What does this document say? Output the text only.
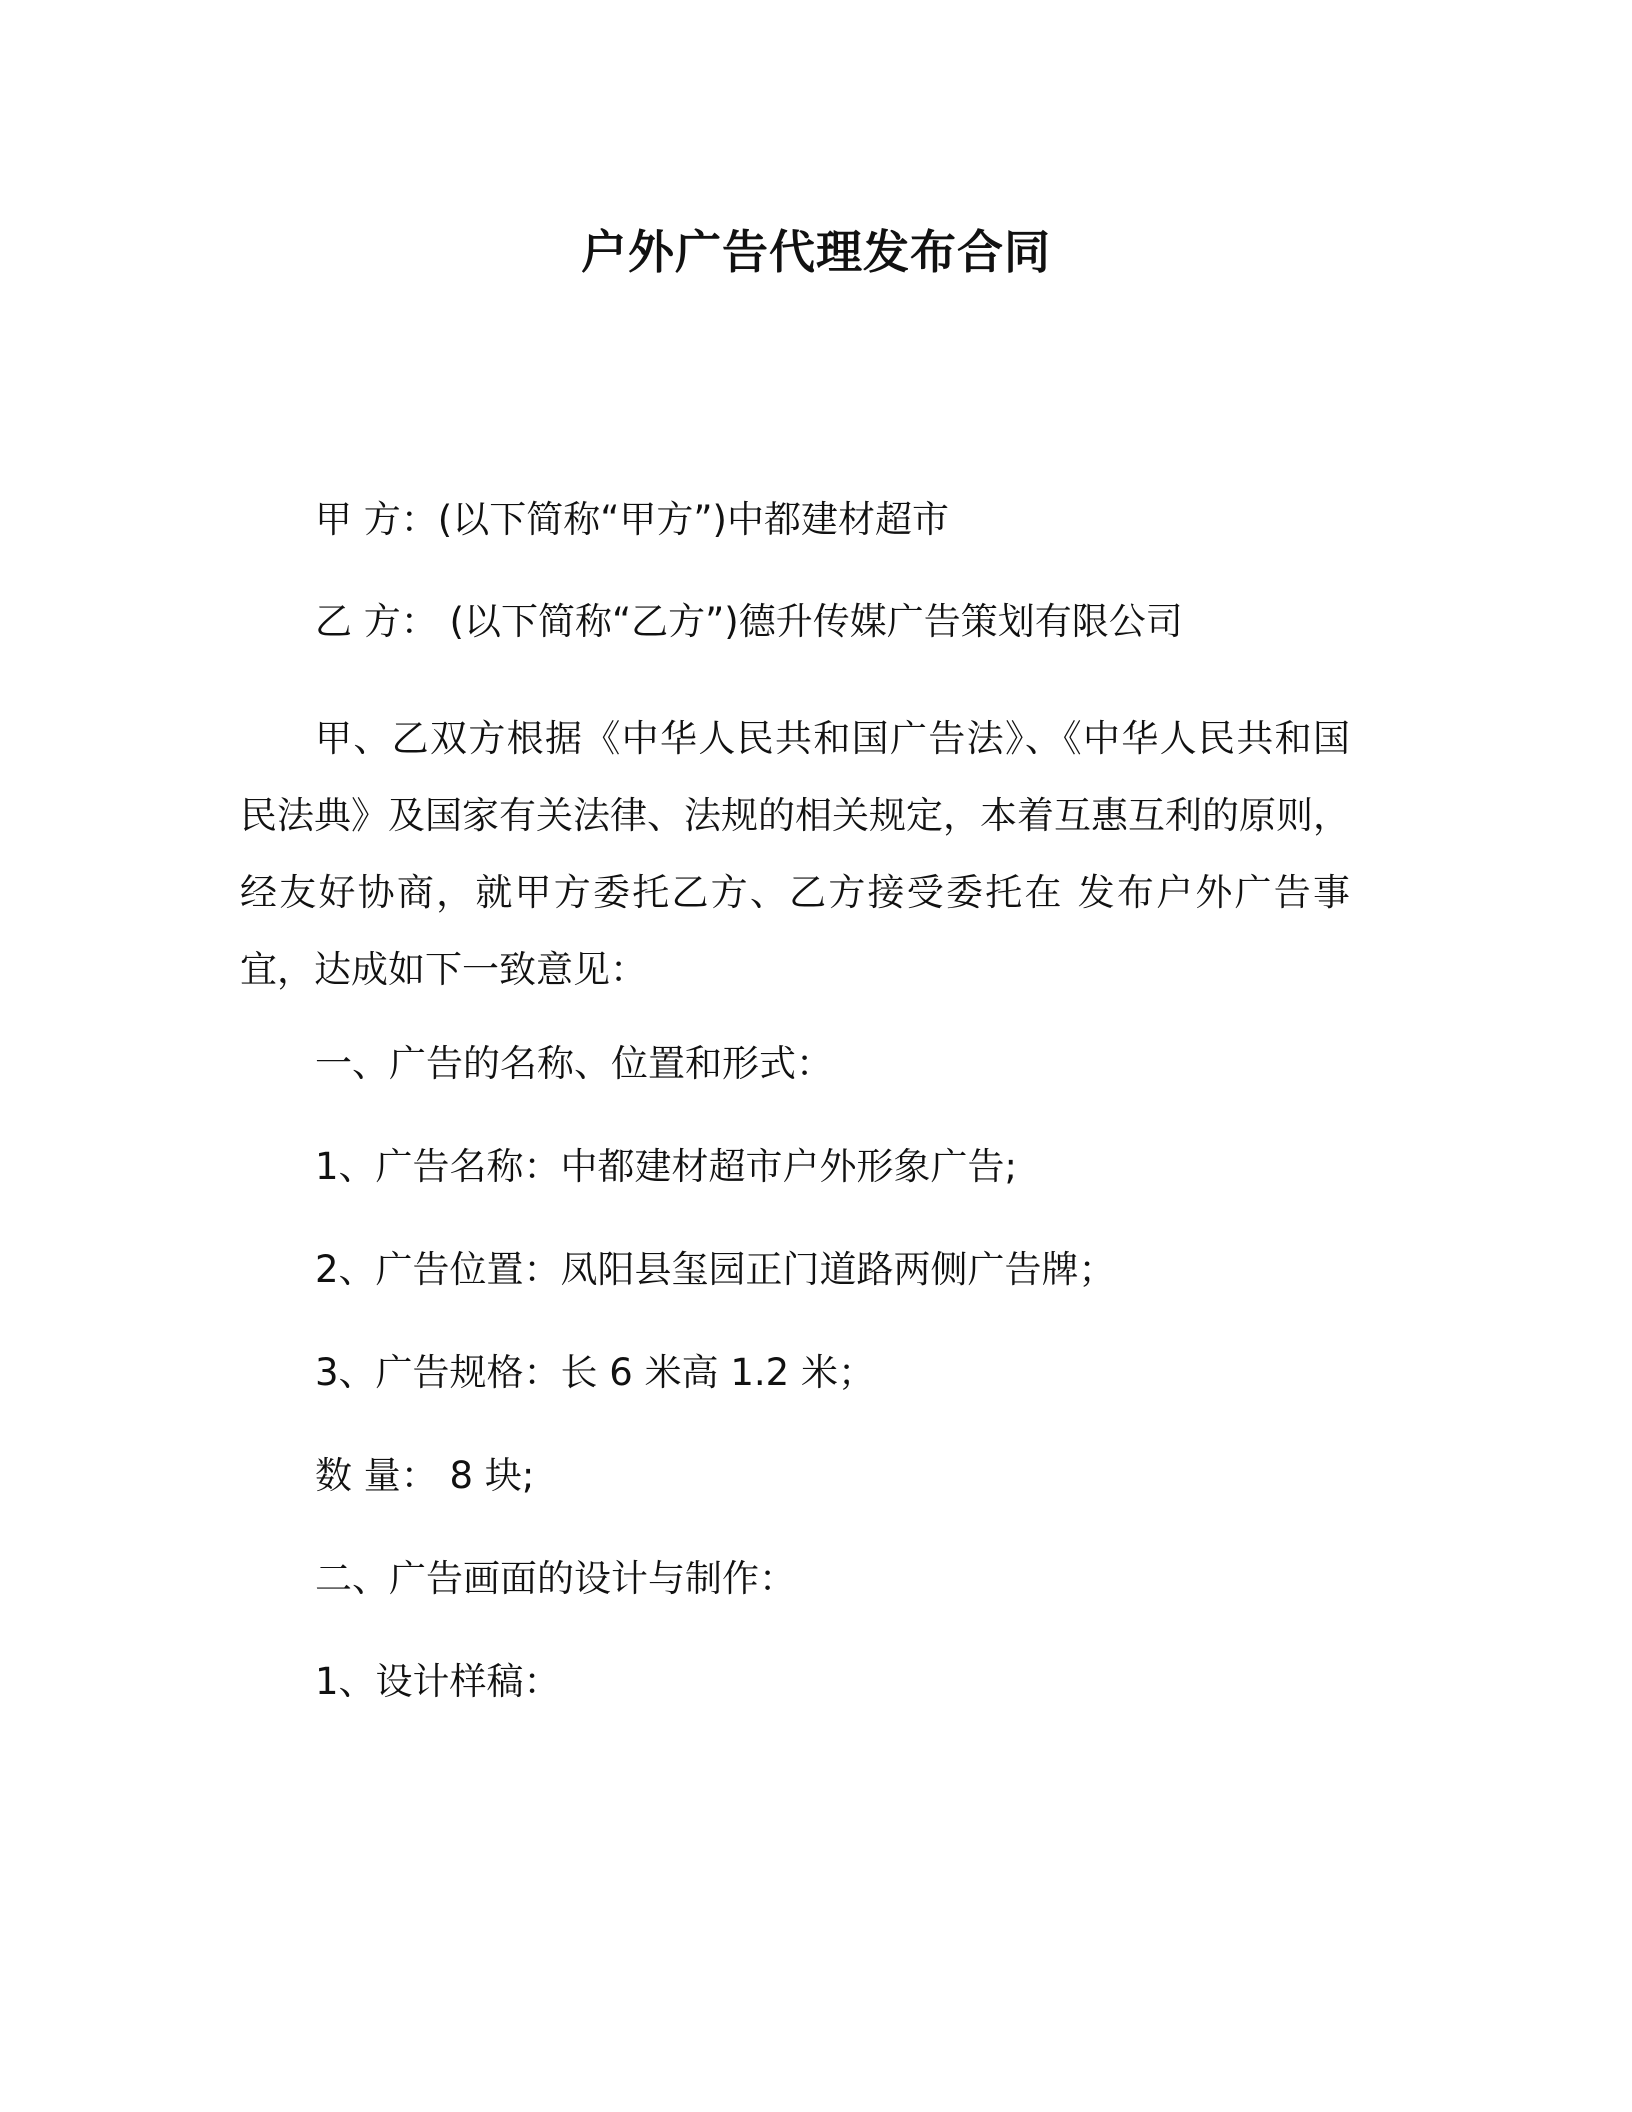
户外广告代理发布合同
甲 方：(以下简称“甲方”)中都建材超市
乙 方： (以下简称“乙方”)德升传媒广告策划有限公司

甲、乙双方根据《中华人民共和国广告法》、《中华人民共和国民法典》及国家有关法律、法规的相关规定，本着互惠互利的原则，经友好协商，就甲方委托乙方、乙方接受委托在 发布户外广告事宜，达成如下一致意见：

一、广告的名称、位置和形式：
1、广告名称：中都建材超市户外形象广告;
2、广告位置：凤阳县玺园正门道路两侧广告牌；
3、广告规格：长 6 米高 1.2 米；
数 量： 8 块;
二、广告画面的设计与制作：
1、设计样稿：
